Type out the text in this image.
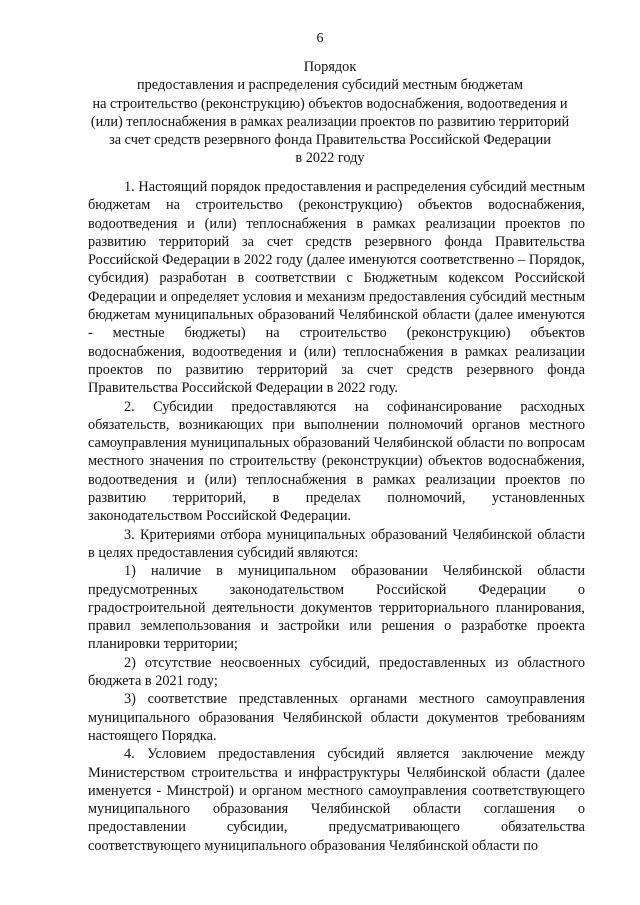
6
Порядок
предоставления и распределения субсидий местным бюджетам
на строительство (реконструкцию) объектов водоснабжения, водоотведения и
(или) теплоснабжения в рамках реализации проектов по развитию территорий
за счет средств резервного фонда Правительства Российской Федерации
в 2022 году

1. Настоящий порядок предоставления и распределения субсидий местным бюджетам на строительство (реконструкцию) объектов водоснабжения, водоотведения и (или) теплоснабжения в рамках реализации проектов по развитию территорий за счет средств резервного фонда Правительства Российской Федерации в 2022 году (далее именуются соответственно – Порядок, субсидия) разработан в соответствии с Бюджетным кодексом Российской Федерации и определяет условия и механизм предоставления субсидий местным бюджетам муниципальных образований Челябинской области (далее именуются - местные бюджеты) на строительство (реконструкцию) объектов водоснабжения, водоотведения и (или) теплоснабжения в рамках реализации проектов по развитию территорий за счет средств резервного фонда Правительства Российской Федерации в 2022 году.

2. Субсидии предоставляются на софинансирование расходных обязательств, возникающих при выполнении полномочий органов местного самоуправления муниципальных образований Челябинской области по вопросам местного значения по строительству (реконструкции) объектов водоснабжения, водоотведения и (или) теплоснабжения в рамках реализации проектов по развитию территорий, в пределах полномочий, установленных законодательством Российской Федерации.

3. Критериями отбора муниципальных образований Челябинской области в целях предоставления субсидий являются:

1) наличие в муниципальном образовании Челябинской области предусмотренных законодательством Российской Федерации о градостроительной деятельности документов территориального планирования, правил землепользования и застройки или решения о разработке проекта планировки территории;

2) отсутствие неосвоенных субсидий, предоставленных из областного бюджета в 2021 году;

3) соответствие представленных органами местного самоуправления муниципального образования Челябинской области документов требованиям настоящего Порядка.

4. Условием предоставления субсидий является заключение между Министерством строительства и инфраструктуры Челябинской области (далее именуется - Минстрой) и органом местного самоуправления соответствующего муниципального образования Челябинской области соглашения о предоставлении субсидии, предусматривающего обязательства соответствующего муниципального образования Челябинской области по
